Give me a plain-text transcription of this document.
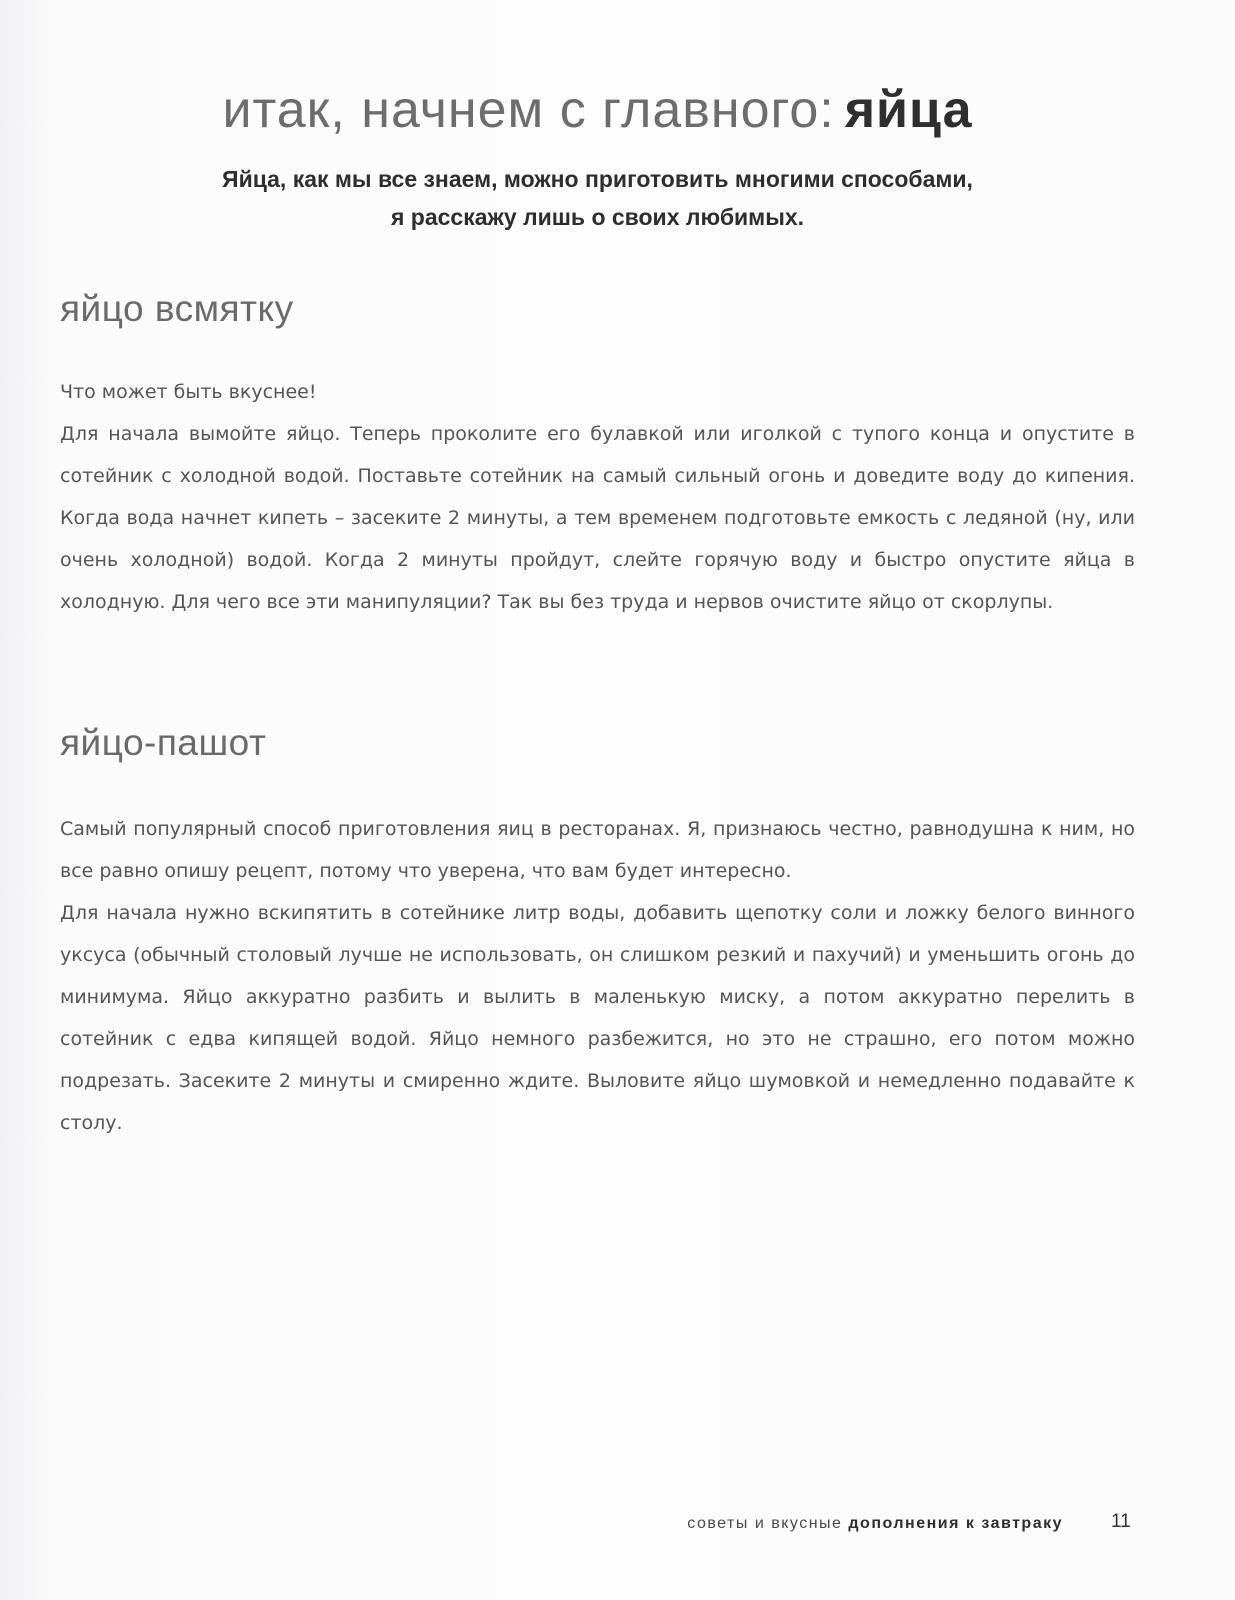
итак, начнем с главного: яйца
Яйца, как мы все знаем, можно приготовить многими способами,
я расскажу лишь о своих любимых.
яйцо всмятку

Что может быть вкуснее!

Для начала вымойте яйцо. Теперь проколите его булавкой или иголкой с тупого конца и опустите в сотейник с холодной водой. Поставьте сотейник на самый сильный огонь и доведите воду до кипения. Когда вода начнет кипеть – засеките 2 минуты, а тем временем подготовьте емкость с ледяной (ну, или очень холодной) водой. Когда 2 минуты пройдут, слейте горячую воду и быстро опустите яйца в холодную. Для чего все эти манипуляции? Так вы без труда и нервов очистите яйцо от скорлупы.

яйцо-пашот

Самый популярный способ приготовления яиц в ресторанах. Я, признаюсь честно, равнодушна к ним, но все равно опишу рецепт, потому что уверена, что вам будет интересно.

Для начала нужно вскипятить в сотейнике литр воды, добавить щепотку соли и ложку белого винного уксуса (обычный столовый лучше не использовать, он слишком резкий и пахучий) и уменьшить огонь до минимума. Яйцо аккуратно разбить и вылить в маленькую миску, а потом аккуратно перелить в сотейник с едва кипящей водой. Яйцо немного разбежится, но это не страшно, его потом можно подрезать. Засеките 2 минуты и смиренно ждите. Выловите яйцо шумовкой и немедленно подавайте к столу.

советы и вкусные дополнения к завтраку	11
